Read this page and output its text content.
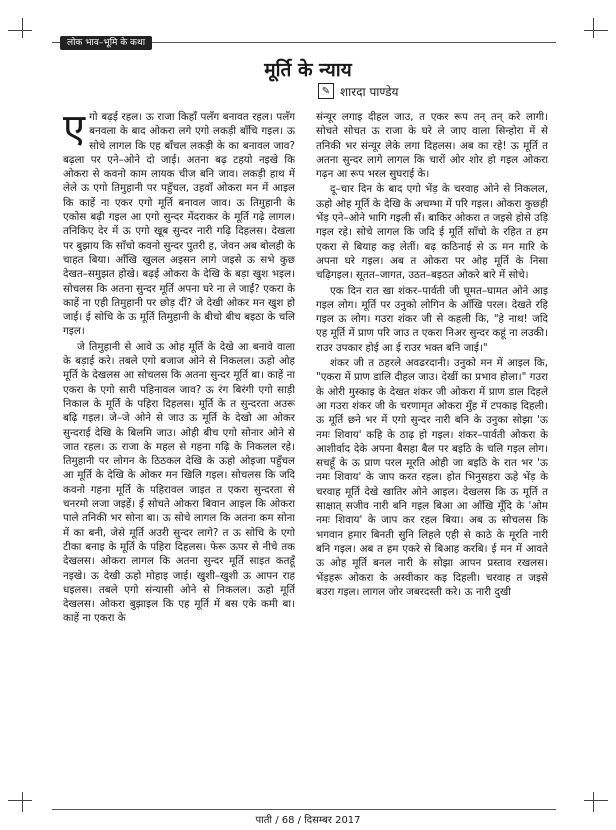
लोक भाव–भूमि के कथा
मूर्ति के न्याय
✎ शारदा पाण्डेय

एगो बढ़ई रहल। ऊ राजा किहाँ पलँग बनावत रहल। पलँग बनवला के बाद ओकरा लगे एगो लकड़ी बाँचि गइल। ऊ सोचे लागल कि एह बाँचल लकड़ी के का बनावल जाव? बढ़ला पर एने–ओने दो जाई। अतना बढ़ टहयो नइखे कि ओकरा से कवनो काम लायक चीज बनि जाव। लकड़ी हाथ में लेले ऊ एगो तिमुहानी पर पहुँचल, उहवाँ ओकरा मन में आइल कि काहें ना एकर एगो मूर्ति बनावल जाव। ऊ तिमुहानी के एकोस बढ़ी गइल आ एगो सुन्दर मेंदराकर के मूर्ति गढ़े लागल। तनिकिए देर में ऊ एगो खूब सुन्दर नारी गढ़ि दिहलस। देखला पर बुझाय कि साँचो कवनो सुन्दर पुतरी ह, जेवन अब बोलही के चाहत बिया। आँखि खुलल अइसन लागे जइसे ऊ सभे कुछ देखत–समुझत होखे। बढ़ई ओकरा के देखि के बड़ा खुश भइल। सोचलस कि अतना सुन्दर मूर्ति अपना घरे ना ले जाईं? एकरा के काहें ना एही तिमुहानी पर छोड़ दीं? जे देखी ओकर मन खुश हो जाई। ई सोचि के ऊ मूर्ति तिमुहानी के बीचो बीच बइठा के चलि गइल।

जे तिमुहानी से आवे ऊ ओह मूर्ति के देखे आ बनावे वाला के बड़ाई करे। तबले एगो बजाज ओने से निकलल। ऊहो ओह मूर्ति के देखलस आ सोचलस कि अतना सुन्दर मूर्ति बा। काहें ना एकरा के एगो सारी पहिनावल जाव? ऊ रंग बिरंगी एगो साड़ी निकाल के मूर्ति के पहिरा दिहलस। मूर्ति के त सुन्दरता अउरू बढ़ि गइल। जे–जे ओने से जाउ ऊ मूर्ति के देखो आ ओकर सुन्दराई देखि के बिलमि जाउ। ओही बीच एगो सोनार ओने से जात रहल। ऊ राजा के महल से गहना गढ़ि के निकलल रहे। तिमुहानी पर लोगन के ठिठकल देखि के ऊहो ओइजा पहुँचल आ मूर्ति के देखि के ओकर मन खिलि गइल। सोचलस कि जदि कवनो गहना मूर्ति के पहिरावल जाइत त एकरा सुन्दरता से चनरमो लजा जइहें। ई सोचते ओकरा बिवान आइल कि ओकरा पाले तनिकी भर सोना बा। ऊ सोचे लागल कि अतना कम सोना में का बनी, जेसे मूर्ति अउरी सुन्दर लागे? त ऊ सोचि के एगो टीका बनाइ के मूर्ति के पहिरा दिहलस। फेरू ऊपर से नीचे तक देखलस। ओकरा लागल कि अतना सुन्दर मूर्ति साइत कतहूँ नइखे। ऊ देखी ऊहो मोहाइ जाई। खुशी–खुशी ऊ आपन राह धइलस। तबले एगो संन्यासी ओने से निकलल। ऊहो मूर्ति देखलस। ओकरा बुझाइल कि एह मूर्ति में बस एके कमी बा। काहें ना एकरा के

संन्यूर लगाइ दीहल जाउ, त एकर रूप तन् तन् करे लागी। सोचते सोचत ऊ राजा के घरे ले जाए वाला सिन्होरा में से तनिकी भर संन्यूर लेके लगा दिहलस। अब का रहे! ऊ मूर्ति त अतना सुन्दर लागे लागल कि चारों ओर शोर हो गइल ओकरा गढ़न आ रूप भरल सुघराई के।

दू–चार दिन के बाद एगो भेंड़ के चरवाह ओने से निकलल, ऊहो ओह मूर्ति के देखि के अचम्भा में परि गइल। ओकरा कुछ्ही भेंड़ एने–ओने भागि गइली सँ। बाकिर ओकरा त जइसे होसे उड़ि गइल रहे। सोचे लागल कि जदि ई मूर्ति साँचो के रहित त हम एकरा से बियाह कइ लेतीं। बढ़ कठिनाई से ऊ मन मारि के अपना घरे गइल। अब त ओकरा पर ओह मूर्ति के निसा चढ़िगइल। सूतत–जागत, उठत–बइठत ओकरे बारे में सोचे।

एक दिन रात खा शंकर–पार्वती जी घूमत–घामत ओने आइ गइल लोग। मूर्ति पर उनुको लोगिन के आँखि परल। देखते रहि गइल ऊ लोग। गउरा शंकर जी से कहली कि, "हे नाथ! जदि एह मूर्ति में प्राण परि जाउ त एकरा निअर सुन्दर कहूं ना लउकी। राउर उपकार होई आ ई राउर भक्त बनि जाई।"

शंकर जी त ठहरले अवढरदानी। उनुको मन में आइल कि, "एकरा में प्राण डालि दीहल जाउ। देखीं का प्रभाव होला।" गउरा के ओरी मुस्काइ के देखत शंकर जी ओकरा में प्राण डाल दिहले आ गउरा शंकर जी के चरणामृत ओकरा मुँह में टपकाइ दिहली। ऊ मूर्ति छने भर में एगो सुन्दर नारी बनि के उनुका सोझा 'ऊ नमः शिवाय' कहि के ठाढ़ हो गइल। शंकर–पार्वती ओकरा के आशीर्वाद देके अपना बैसहा बैल पर बइठि के चलि गइल लोग। सचहूँ के ऊ प्राण परल मूरति ओही जा बइठि के रात भर 'ऊ नमः शिवाय' के जाप करत रहल। होत भिनुसहरा ऊहे भेंड़ के चरवाह मूर्ति देखे खातिर ओने आइल। देखलस कि ऊ मूर्ति त साक्षात् सजीव नारी बनि गइल बिआ आ आँखि मूँदि के 'ओम नमः शिवाय' के जाप कर रहल बिया। अब ऊ सोचलस कि भगवान हमार बिनती सुनि लिहले एही से काठे के मूरति नारी बनि गइल। अब त हम एकरे से बिआह करबि। ई मन में आवते ऊ ओह मूर्ति बनल नारी के सोझा आपन प्रस्ताव रखलस। भेंड़हरू ओकरा के अस्वीकार कइ दिहली। चरवाह त जइसे बउरा गइल। लागल जोर जबरदस्ती करे। ऊ नारी दुखी

पाती / 68 / दिसम्बर 2017
